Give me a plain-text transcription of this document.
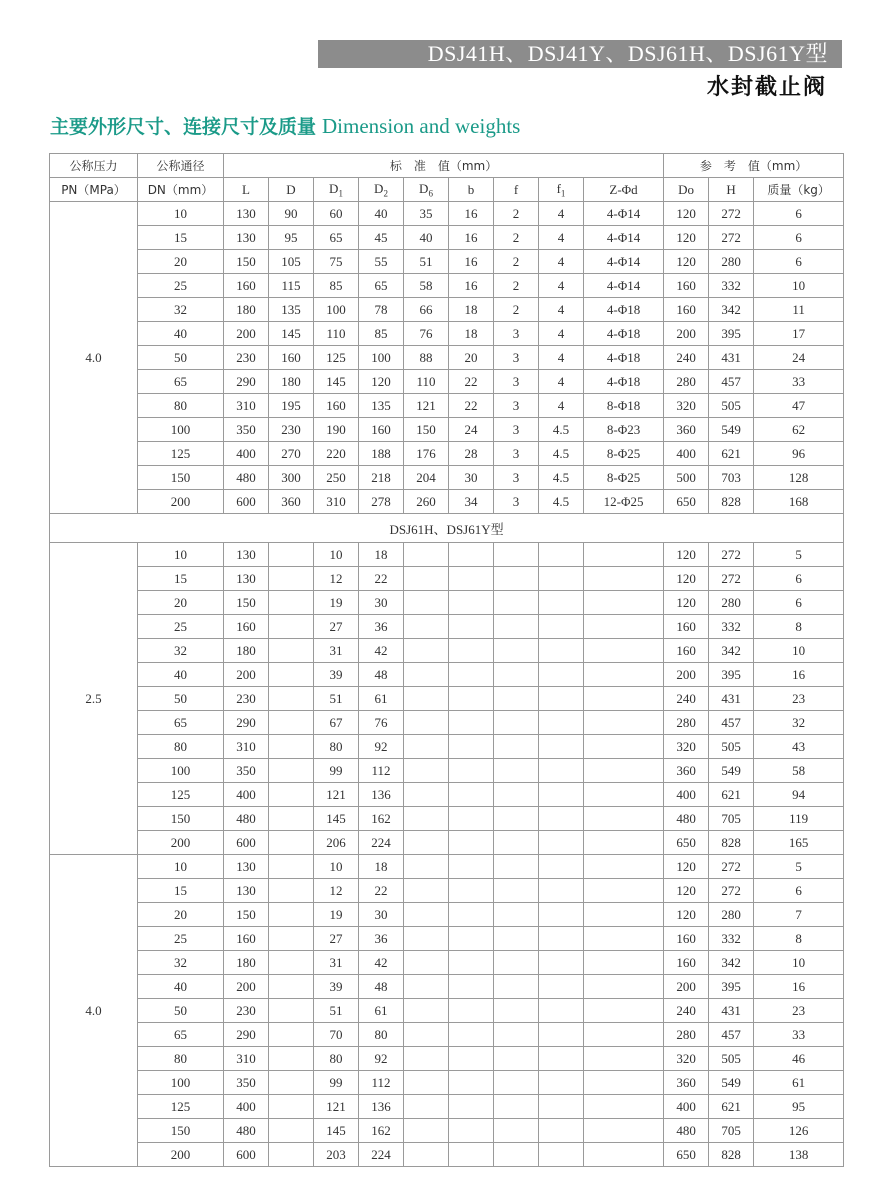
DSJ41H、DSJ41Y、DSJ61H、DSJ61Y型
水封截止阀
主要外形尺寸、连接尺寸及质量 Dimension and weights
公称压力	公称通径	标　准　值（mm）									参　考　值（mm）		
PN（MPa）	DN（mm）	L	D	$D_1$	$D_2$	$D_6$	b	f	$f_1$	Z-Φd	Do	H	质量（kg）
4.0	10	130	90	60	40	35	16	2	4	4-Φ14	120	272	6
	15	130	95	65	45	40	16	2	4	4-Φ14	120	272	6
	20	150	105	75	55	51	16	2	4	4-Φ14	120	280	6
	25	160	115	85	65	58	16	2	4	4-Φ14	160	332	10
	32	180	135	100	78	66	18	2	4	4-Φ18	160	342	11
	40	200	145	110	85	76	18	3	4	4-Φ18	200	395	17
	50	230	160	125	100	88	20	3	4	4-Φ18	240	431	24
	65	290	180	145	120	110	22	3	4	4-Φ18	280	457	33
	80	310	195	160	135	121	22	3	4	8-Φ18	320	505	47
	100	350	230	190	160	150	24	3	4.5	8-Φ23	360	549	62
	125	400	270	220	188	176	28	3	4.5	8-Φ25	400	621	96
	150	480	300	250	218	204	30	3	4.5	8-Φ25	500	703	128
	200	600	360	310	278	260	34	3	4.5	12-Φ25	650	828	168
DSJ61H、DSJ61Y型													
2.5	10	130		10	18						120	272	5
	15	130		12	22						120	272	6
	20	150		19	30						120	280	6
	25	160		27	36						160	332	8
	32	180		31	42						160	342	10
	40	200		39	48						200	395	16
	50	230		51	61						240	431	23
	65	290		67	76						280	457	32
	80	310		80	92						320	505	43
	100	350		99	112						360	549	58
	125	400		121	136						400	621	94
	150	480		145	162						480	705	119
	200	600		206	224						650	828	165
4.0	10	130		10	18						120	272	5
	15	130		12	22						120	272	6
	20	150		19	30						120	280	7
	25	160		27	36						160	332	8
	32	180		31	42						160	342	10
	40	200		39	48						200	395	16
	50	230		51	61						240	431	23
	65	290		70	80						280	457	33
	80	310		80	92						320	505	46
	100	350		99	112						360	549	61
	125	400		121	136						400	621	95
	150	480		145	162						480	705	126
	200	600		203	224						650	828	138
